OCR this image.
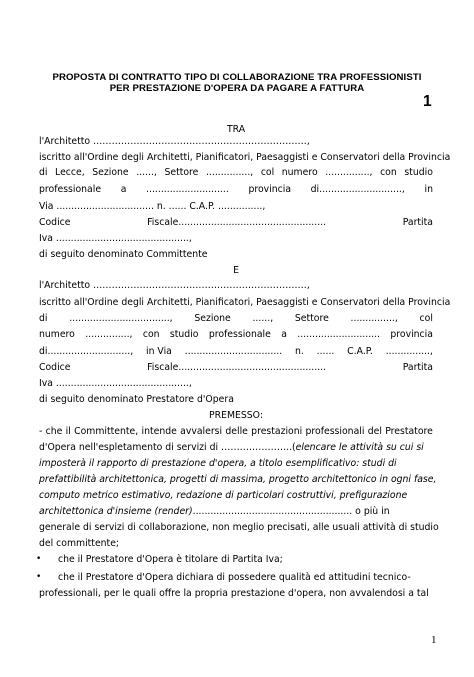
PROPOSTA DI CONTRATTO TIPO DI COLLABORAZIONE TRA PROFESSIONISTI
PER PRESTAZIONE D'OPERA DA PAGARE A FATTURA
1
TRA
l'Architetto ……………………………………………………………,
iscritto all'Ordine degli Architetti, Pianificatori, Paesaggisti e Conservatori della Provincia
di Lecce, Sezione ......, Settore ..............., col numero ..............., con studio
professionale a ............................ provincia di............................, in
Via ................................. n. ...... C.A.P. ...............,
Codice	Fiscale..................................................	Partita
Iva .............................................,
di seguito denominato Committente
E
l'Architetto ……………………………………………………………,
iscritto all'Ordine degli Architetti, Pianificatori, Paesaggisti e Conservatori della Provincia
di .................................., Sezione ......, Settore ..............., col
numero ..............., con studio professionale a ............................ provincia
di............................, in Via ................................. n. ...... C.A.P. ...............,
Codice	Fiscale..................................................	Partita
Iva .............................................,
di seguito denominato Prestatore d'Opera
PREMESSO:
- che il Committente, intende avvalersi delle prestazioni professionali del Prestatore
d'Opera nell'espletamento di servizi di …………………..(elencare le attività su cui si
imposterà il rapporto di prestazione d'opera, a titolo esemplificativo: studi di
prefattibilità architettonica, progetti di massima, progetto architettonico in ogni fase,
computo metrico estimativo, redazione di particolari costruttivi, prefigurazione
architettonica d'insieme (render)...................................................... o più in
generale di servizi di collaborazione, non meglio precisati, alle usuali attività di studio
del committente;
• che il Prestatore d'Opera è titolare di Partita Iva;
• che il Prestatore d'Opera dichiara di possedere qualità ed attitudini tecnico-
professionali, per le quali offre la propria prestazione d'opera, non avvalendosi a tal
1
